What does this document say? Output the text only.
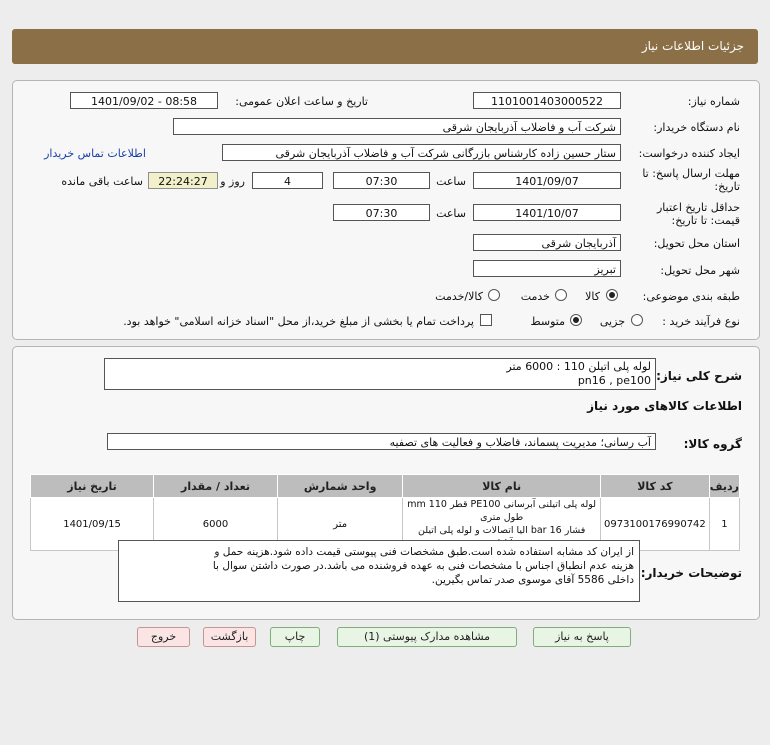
جزئیات اطلاعات نیاز
شماره نیاز:
1101001403000522
تاریخ و ساعت اعلان عمومی:
1401/09/02 - 08:58
نام دستگاه خریدار:
شرکت آب و فاضلاب آذربایجان شرقی
ایجاد کننده درخواست:
ستار حسین زاده کارشناس بازرگانی شرکت آب و فاضلاب آذربایجان شرقی
اطلاعات تماس خریدار
مهلت ارسال پاسخ: تا
تاریخ:
1401/09/07
ساعت
07:30
4
روز و
22:24:27
ساعت باقی مانده
حداقل تاریخ اعتبار
قیمت: تا تاریخ:
1401/10/07
ساعت
07:30
استان محل تحویل:
آذربایجان شرقی
شهر محل تحویل:
تبریز
طبقه بندی موضوعی:
کالا
خدمت
کالا/خدمت
نوع فرآیند خرید :
جزیی
متوسط
پرداخت تمام یا بخشی از مبلغ خرید،از محل "اسناد خزانه اسلامی" خواهد بود.
شرح کلی نیاز:
لوله پلی اتیلن 110 : 6000 متر
pn16 , pe100
اطلاعات کالاهای مورد نیاز
گروه کالا:
آب رسانی؛ مدیریت پسماند، فاضلاب و فعالیت های تصفیه
ردیف	کد کالا	نام کالا	واحد شمارش	تعداد / مقدار	تاریخ نیاز
1	0973100176990742	لوله پلی اتیلنی آبرسانی PE100 قطر 110 mm طول متری
فشار 16 bar الیا اتصالات و لوله پلی اتیلن	متر	6000	1401/09/15
توضیحات خریدار:
از ایران کد مشابه استفاده شده است.طبق مشخصات فنی پیوستی قیمت داده شود.هزینه حمل و
هزینه عدم انطباق اجناس با مشخصات فنی به عهده فروشنده می باشد.در صورت داشتن سوال با
داخلی 5586 آقای موسوی صدر تماس بگیرین.
پاسخ به نیاز
مشاهده مدارک پیوستی (1)
چاپ
بازگشت
خروج
